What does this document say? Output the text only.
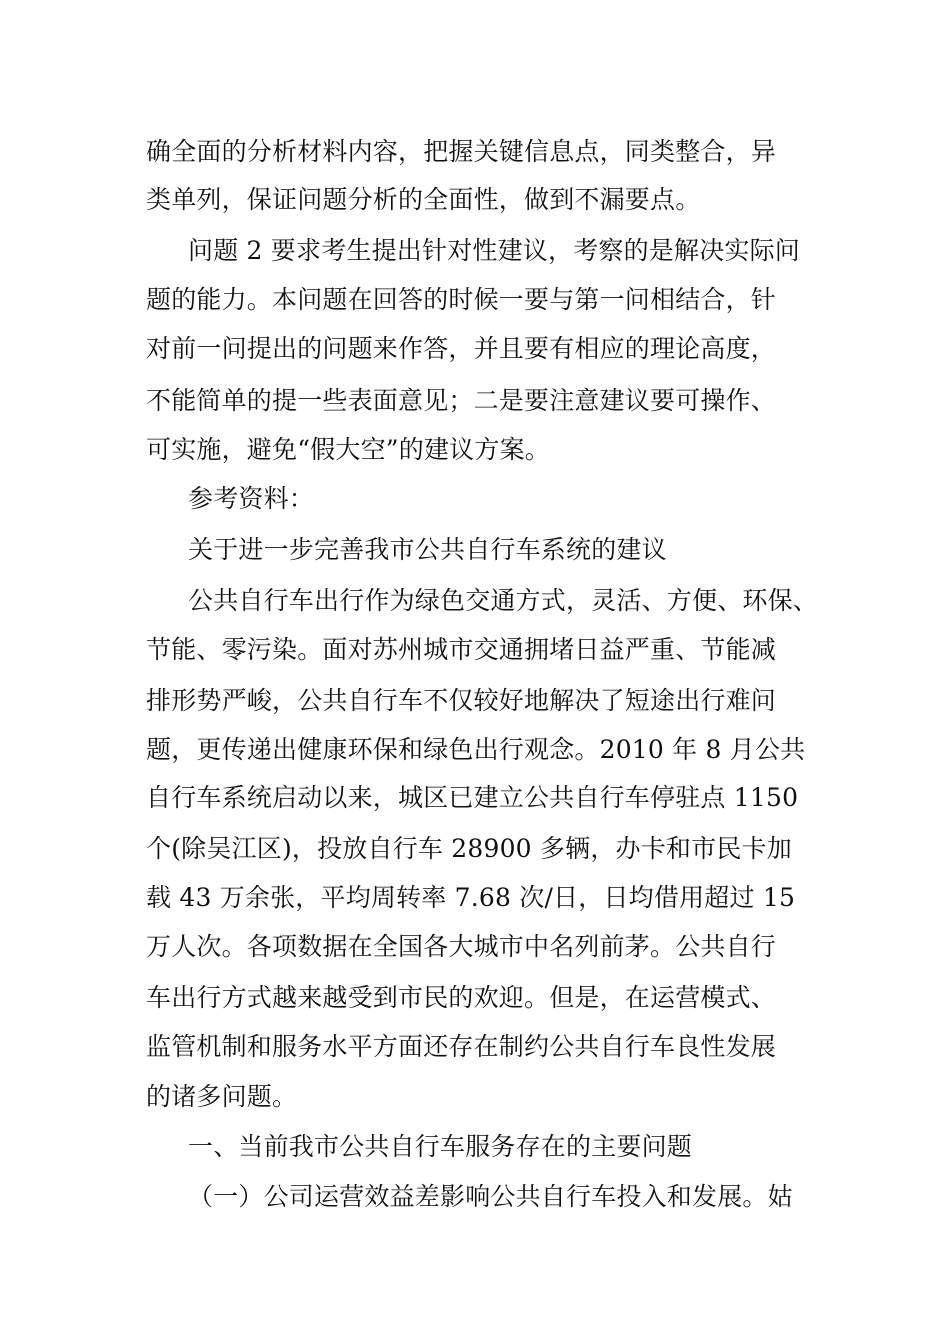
确全面的分析材料内容，把握关键信息点，同类整合，异
类单列，保证问题分析的全面性，做到不漏要点。
问题 2 要求考生提出针对性建议，考察的是解决实际问
题的能力。本问题在回答的时候一要与第一问相结合，针
对前一问提出的问题来作答，并且要有相应的理论高度，
不能简单的提一些表面意见；二是要注意建议要可操作、
可实施，避免“假大空”的建议方案。
参考资料：
关于进一步完善我市公共自行车系统的建议
公共自行车出行作为绿色交通方式，灵活、方便、环保、
节能、零污染。面对苏州城市交通拥堵日益严重、节能减
排形势严峻，公共自行车不仅较好地解决了短途出行难问
题，更传递出健康环保和绿色出行观念。2010 年 8 月公共
自行车系统启动以来，城区已建立公共自行车停驻点 1150
个(除吴江区)，投放自行车 28900 多辆，办卡和市民卡加
载 43 万余张，平均周转率 7.68 次/日，日均借用超过 15
万人次。各项数据在全国各大城市中名列前茅。公共自行
车出行方式越来越受到市民的欢迎。但是，在运营模式、
监管机制和服务水平方面还存在制约公共自行车良性发展
的诸多问题。
一、当前我市公共自行车服务存在的主要问题
（一）公司运营效益差影响公共自行车投入和发展。姑
